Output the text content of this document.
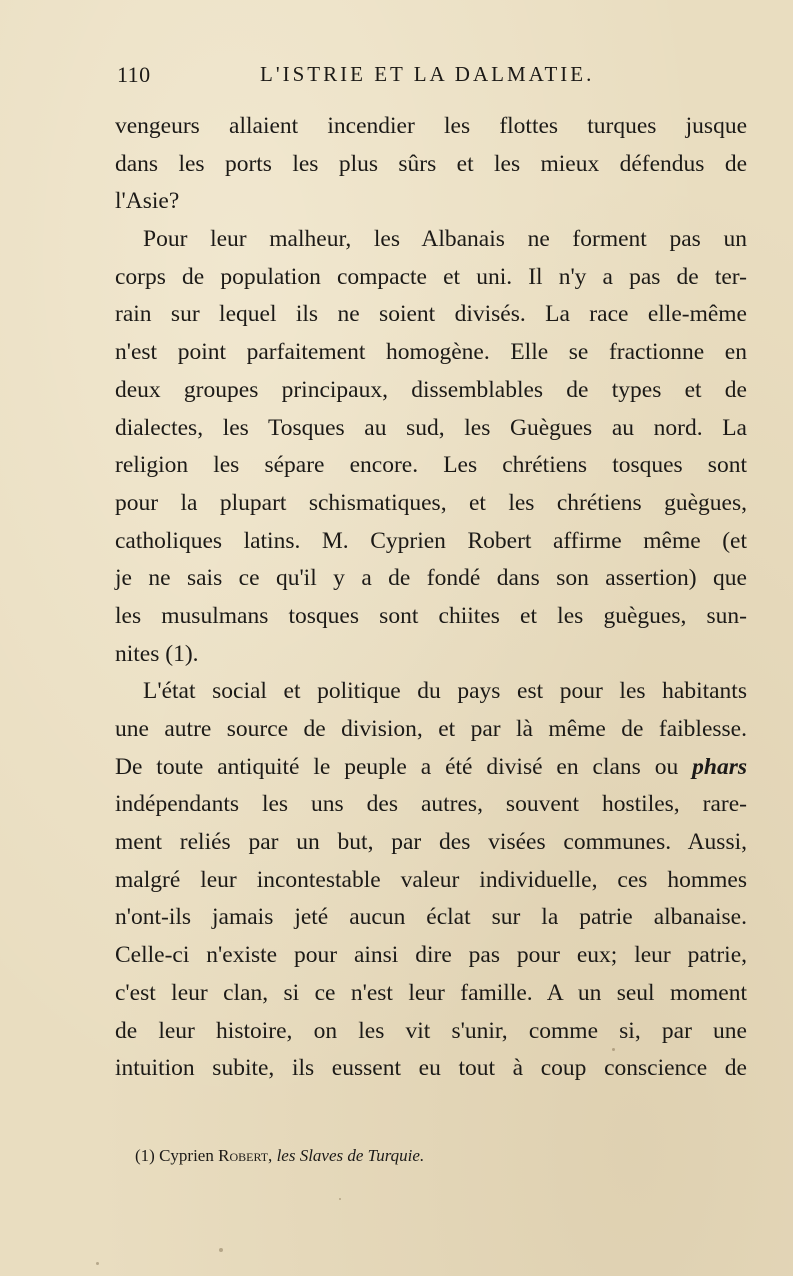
110	L'ISTRIE ET LA DALMATIE.
vengeurs allaient incendier les flottes turques jusque
dans les ports les plus sûrs et les mieux défendus de
l'Asie?
Pour leur malheur, les Albanais ne forment pas un
corps de population compacte et uni. Il n'y a pas de ter-
rain sur lequel ils ne soient divisés. La race elle-même
n'est point parfaitement homogène. Elle se fractionne en
deux groupes principaux, dissemblables de types et de
dialectes, les Tosques au sud, les Guègues au nord. La
religion les sépare encore. Les chrétiens tosques sont
pour la plupart schismatiques, et les chrétiens guègues,
catholiques latins. M. Cyprien Robert affirme même (et
je ne sais ce qu'il y a de fondé dans son assertion) que
les musulmans tosques sont chiites et les guègues, sun-
nites (1).
L'état social et politique du pays est pour les habitants
une autre source de division, et par là même de faiblesse.
De toute antiquité le peuple a été divisé en clans ou phars
indépendants les uns des autres, souvent hostiles, rare-
ment reliés par un but, par des visées communes. Aussi,
malgré leur incontestable valeur individuelle, ces hommes
n'ont-ils jamais jeté aucun éclat sur la patrie albanaise.
Celle-ci n'existe pour ainsi dire pas pour eux; leur patrie,
c'est leur clan, si ce n'est leur famille. A un seul moment
de leur histoire, on les vit s'unir, comme si, par une
intuition subite, ils eussent eu tout à coup conscience de
(1) Cyprien Robert, les Slaves de Turquie.
